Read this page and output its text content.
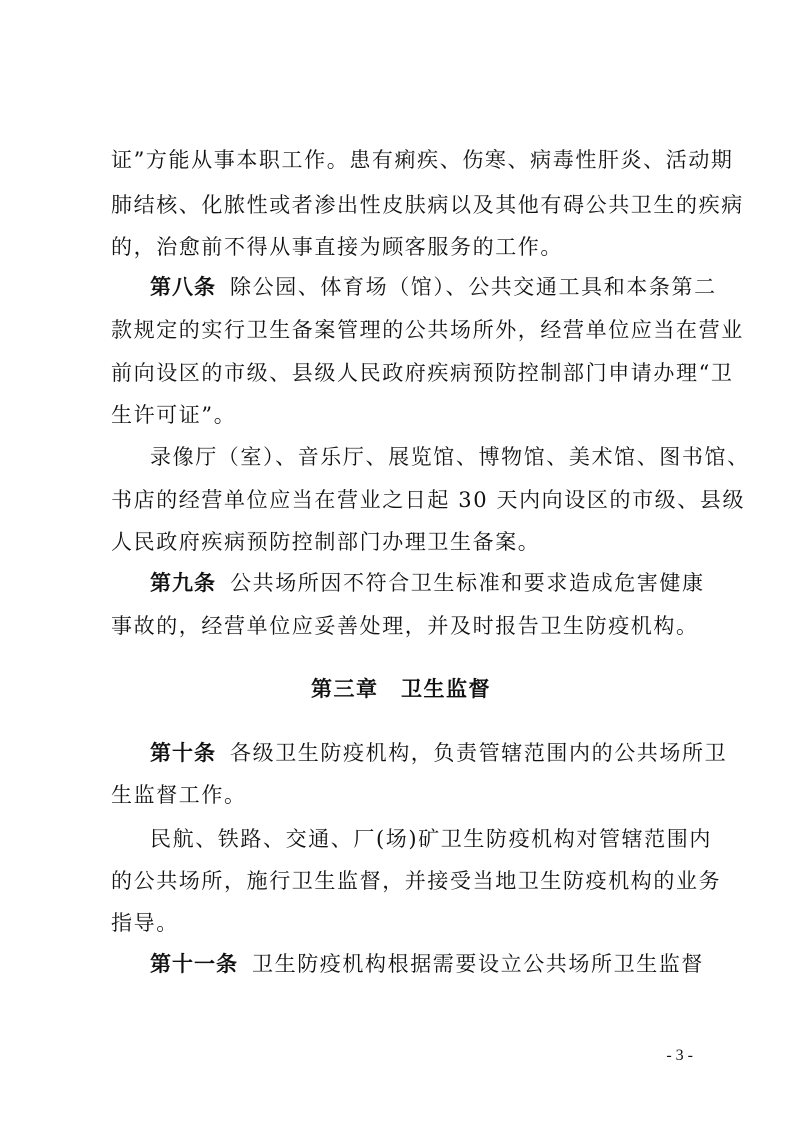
证”方能从事本职工作。患有痢疾、伤寒、病毒性肝炎、活动期
肺结核、化脓性或者渗出性皮肤病以及其他有碍公共卫生的疾病
的，治愈前不得从事直接为顾客服务的工作。
第八条 除公园、体育场（馆）、公共交通工具和本条第二
款规定的实行卫生备案管理的公共场所外，经营单位应当在营业
前向设区的市级、县级人民政府疾病预防控制部门申请办理“卫
生许可证”。
录像厅（室）、音乐厅、展览馆、博物馆、美术馆、图书馆、
书店的经营单位应当在营业之日起 30 天内向设区的市级、县级
人民政府疾病预防控制部门办理卫生备案。
第九条 公共场所因不符合卫生标准和要求造成危害健康
事故的，经营单位应妥善处理，并及时报告卫生防疫机构。
第三章　卫生监督
第十条 各级卫生防疫机构，负责管辖范围内的公共场所卫
生监督工作。
民航、铁路、交通、厂(场)矿卫生防疫机构对管辖范围内
的公共场所，施行卫生监督，并接受当地卫生防疫机构的业务
指导。
第十一条 卫生防疫机构根据需要设立公共场所卫生监督
- 3 -
